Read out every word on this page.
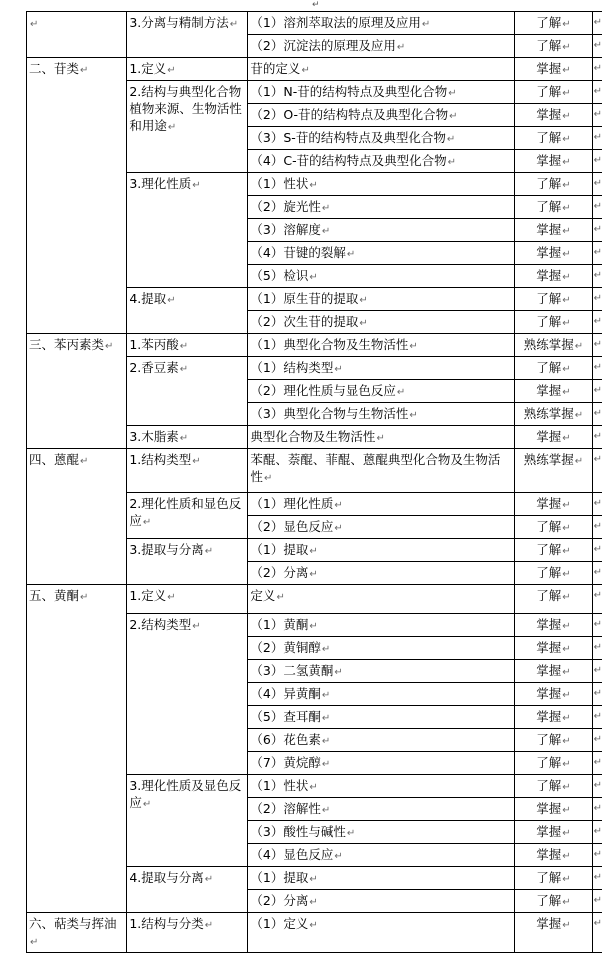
↵
↵	3.分离与精制方法↵	（1）溶剂萃取法的原理及应用↵	了解↵	↵
		（2）沉淀法的原理及应用↵	了解↵	↵
二、苷类↵	1.定义↵	苷的定义↵	掌握↵	↵
	2.结构与典型化合物植物来源、生物活性和用途↵	（1）N-苷的结构特点及典型化合物↵	了解↵	↵
		（2）O-苷的结构特点及典型化合物↵	掌握↵	↵
		（3）S-苷的结构特点及典型化合物↵	了解↵	↵
		（4）C-苷的结构特点及典型化合物↵	掌握↵	↵
	3.理化性质↵	（1）性状↵	了解↵	↵
		（2）旋光性↵	了解↵	↵
		（3）溶解度↵	掌握↵	↵
		（4）苷键的裂解↵	掌握↵	↵
		（5）检识↵	掌握↵	↵
	4.提取↵	（1）原生苷的提取↵	了解↵	↵
		（2）次生苷的提取↵	了解↵	↵
三、苯丙素类↵	1.苯丙酸↵	（1）典型化合物及生物活性↵	熟练掌握↵	↵
	2.香豆素↵	（1）结构类型↵	了解↵	↵
		（2）理化性质与显色反应↵	掌握↵	↵
		（3）典型化合物与生物活性↵	熟练掌握↵	↵
	3.木脂素↵	典型化合物及生物活性↵	掌握↵	↵
四、蒽醌↵	1.结构类型↵	苯醌、萘醌、菲醌、蒽醌典型化合物及生物活性↵	熟练掌握↵	↵
	2.理化性质和显色反应↵	（1）理化性质↵	掌握↵	↵
		（2）显色反应↵	了解↵	↵
	3.提取与分离↵	（1）提取↵	了解↵	↵
		（2）分离↵	了解↵	↵
五、黄酮↵	1.定义↵	定义↵	了解↵	↵
	2.结构类型↵	（1）黄酮↵	掌握↵	↵
		（2）黄铜醇↵	掌握↵	↵
		（3）二氢黄酮↵	掌握↵	↵
		（4）异黄酮↵	掌握↵	↵
		（5）查耳酮↵	掌握↵	↵
		（6）花色素↵	了解↵	↵
		（7）黄烷醇↵	了解↵	↵
	3.理化性质及显色反应↵	（1）性状↵	了解↵	↵
		（2）溶解性↵	掌握↵	↵
		（3）酸性与碱性↵	掌握↵	↵
		（4）显色反应↵	掌握↵	↵
	4.提取与分离↵	（1）提取↵	了解↵	↵
		（2）分离↵	了解↵	↵
六、萜类与挥油↵	1.结构与分类↵	（1）定义↵	掌握↵	↵
